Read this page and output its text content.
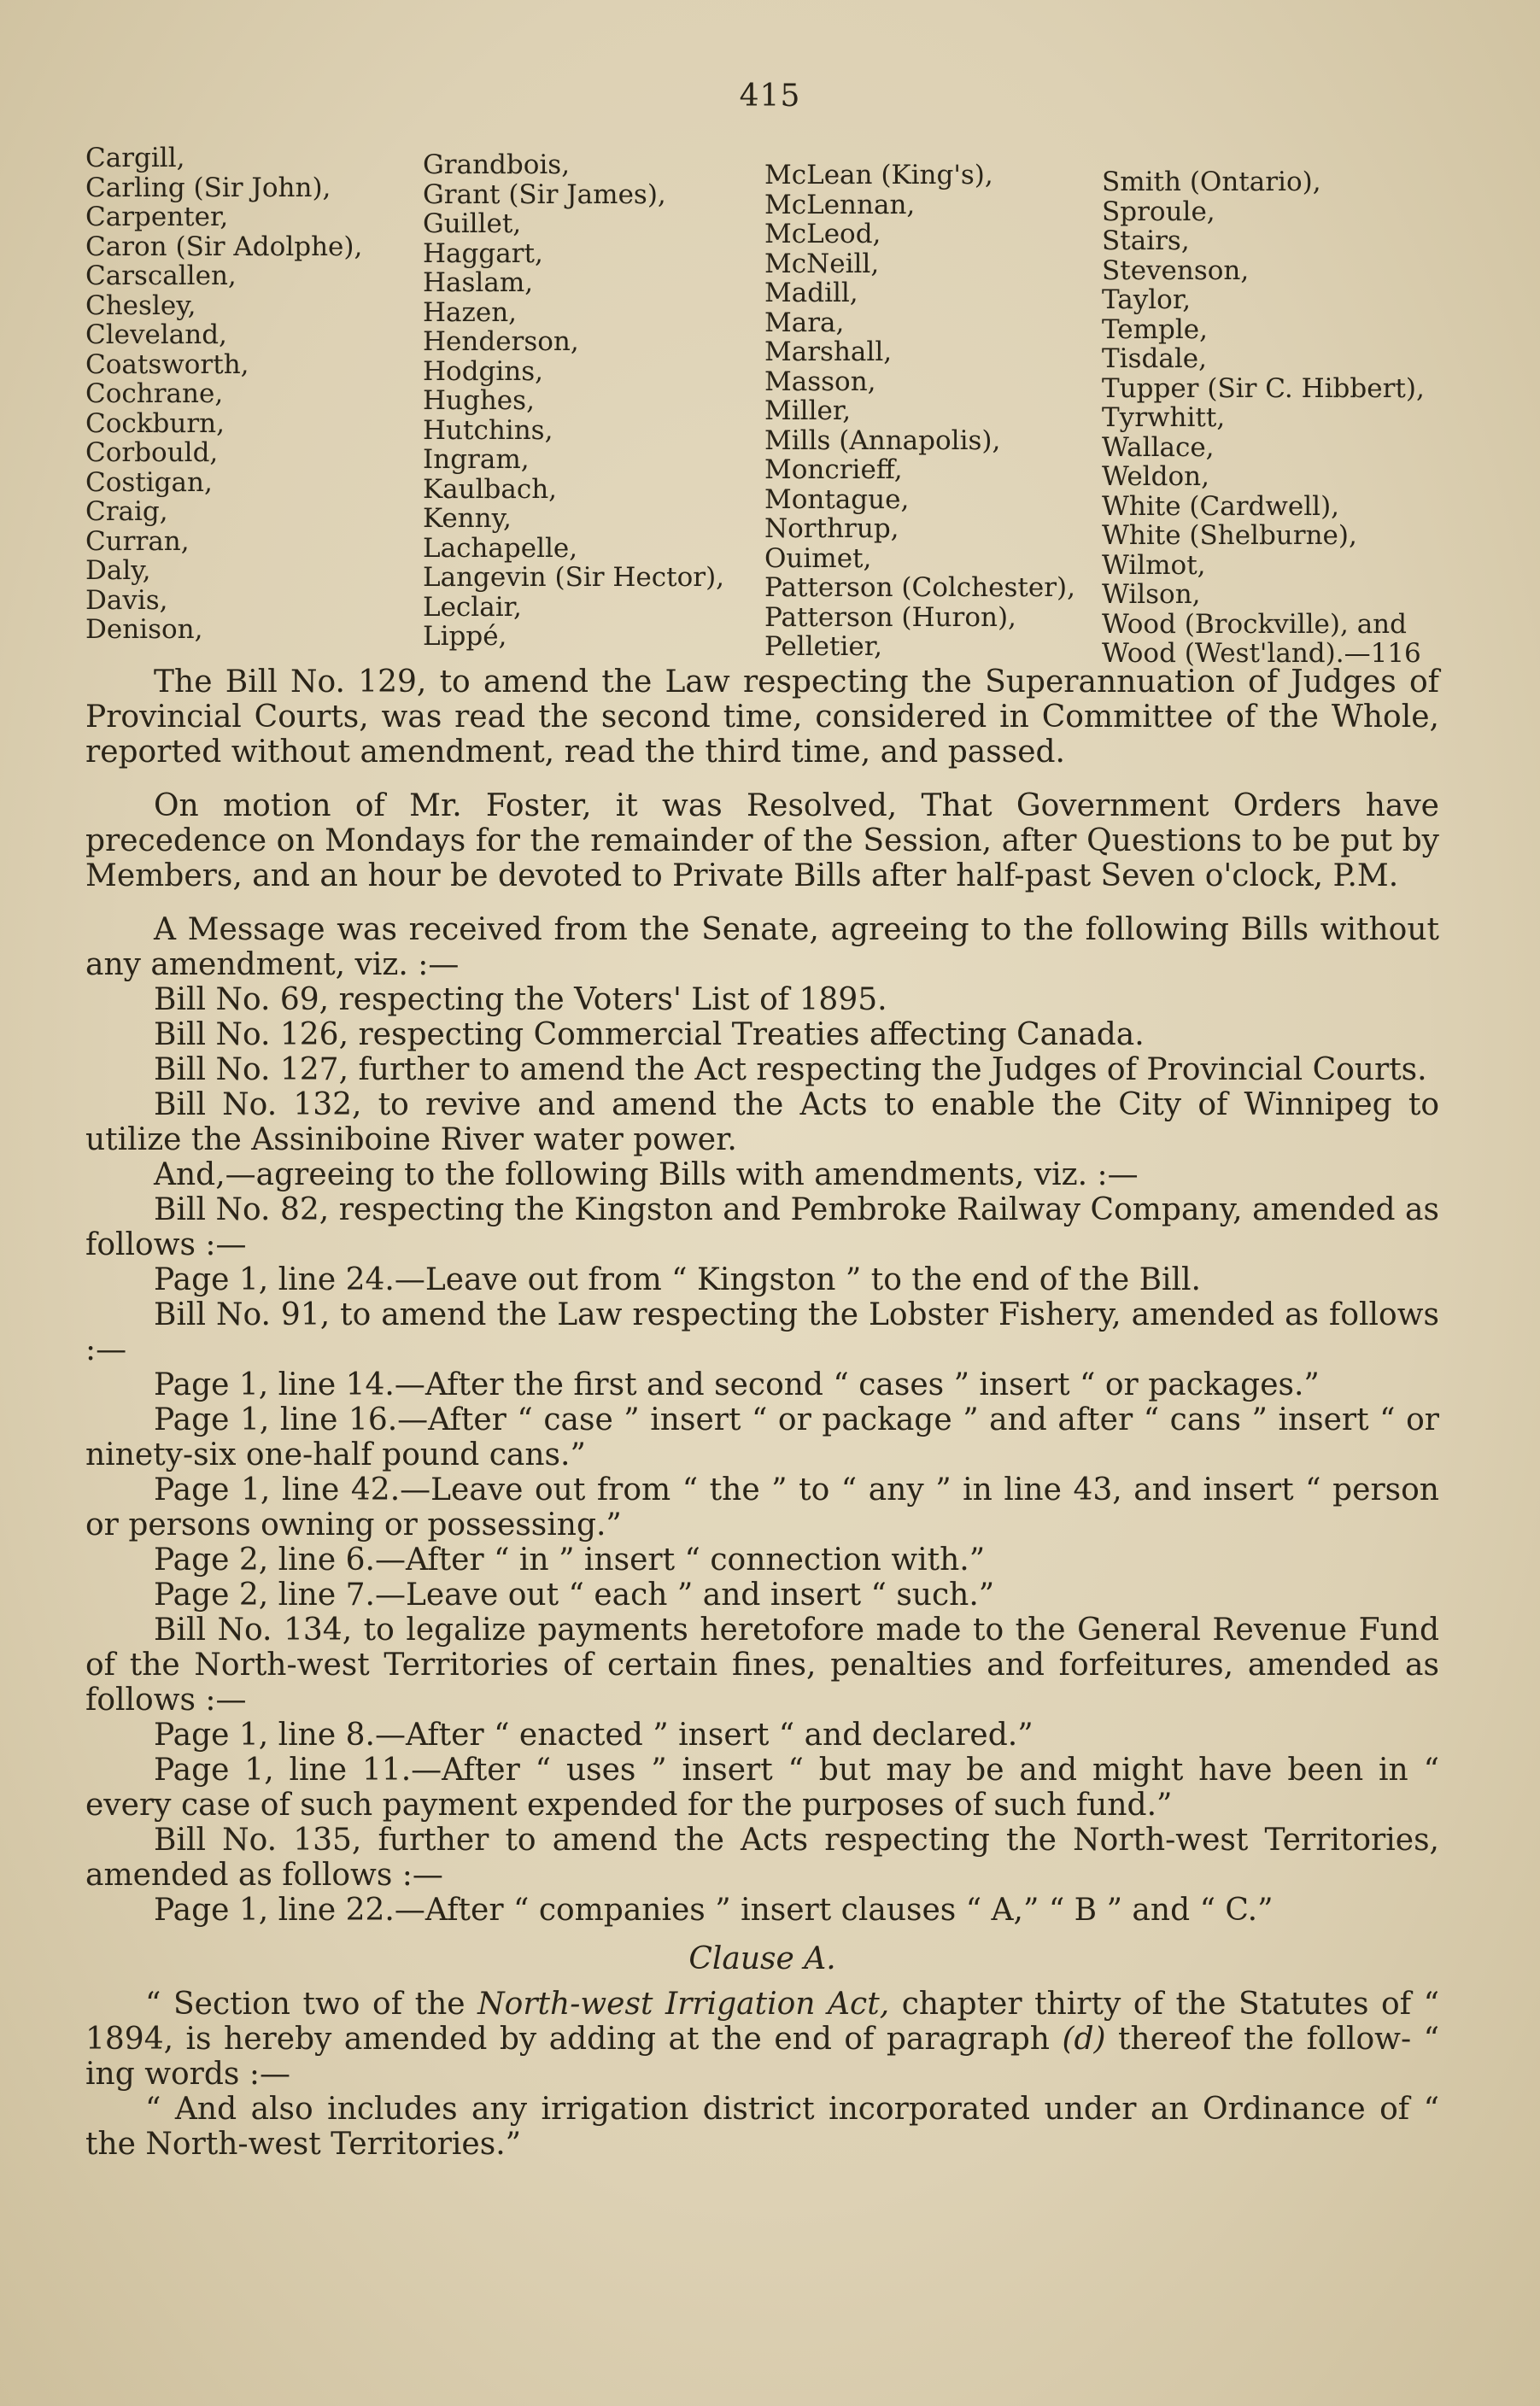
415
Cargill,
Carling (Sir John),
Carpenter,
Caron (Sir Adolphe),
Carscallen,
Chesley,
Cleveland,
Coatsworth,
Cochrane,
Cockburn,
Corbould,
Costigan,
Craig,
Curran,
Daly,
Davis,
Denison,
Grandbois,
Grant (Sir James),
Guillet,
Haggart,
Haslam,
Hazen,
Henderson,
Hodgins,
Hughes,
Hutchins,
Ingram,
Kaulbach,
Kenny,
Lachapelle,
Langevin (Sir Hector),
Leclair,
Lippé,
McLean (King's),
McLennan,
McLeod,
McNeill,
Madill,
Mara,
Marshall,
Masson,
Miller,
Mills (Annapolis),
Moncrieff,
Montague,
Northrup,
Ouimet,
Patterson (Colchester),
Patterson (Huron),
Pelletier,
Smith (Ontario),
Sproule,
Stairs,
Stevenson,
Taylor,
Temple,
Tisdale,
Tupper (Sir C. Hibbert),
Tyrwhitt,
Wallace,
Weldon,
White (Cardwell),
White (Shelburne),
Wilmot,
Wilson,
Wood (Brockville), and
Wood (West'land).—116

The Bill No. 129, to amend the Law respecting the Superannuation of Judges of Provincial Courts, was read the second time, considered in Committee of the Whole, reported without amendment, read the third time, and passed.

On motion of Mr. Foster, it was Resolved, That Government Orders have precedence on Mondays for the remainder of the Session, after Questions to be put by Members, and an hour be devoted to Private Bills after half-past Seven o'clock, P.M.

A Message was received from the Senate, agreeing to the following Bills without any amendment, viz. :—

Bill No. 69, respecting the Voters' List of 1895.

Bill No. 126, respecting Commercial Treaties affecting Canada.

Bill No. 127, further to amend the Act respecting the Judges of Provincial Courts.

Bill No. 132, to revive and amend the Acts to enable the City of Winnipeg to utilize the Assiniboine River water power.

And,—agreeing to the following Bills with amendments, viz. :—

Bill No. 82, respecting the Kingston and Pembroke Railway Company, amended as follows :—

Page 1, line 24.—Leave out from “ Kingston ” to the end of the Bill.

Bill No. 91, to amend the Law respecting the Lobster Fishery, amended as follows :—

Page 1, line 14.—After the first and second “ cases ” insert “ or packages.”

Page 1, line 16.—After “ case ” insert “ or package ” and after “ cans ” insert “ or ninety-six one-half pound cans.”

Page 1, line 42.—Leave out from “ the ” to “ any ” in line 43, and insert “ person or persons owning or possessing.”

Page 2, line 6.—After “ in ” insert “ connection with.”

Page 2, line 7.—Leave out “ each ” and insert “ such.”

Bill No. 134, to legalize payments heretofore made to the General Revenue Fund of the North-west Territories of certain fines, penalties and forfeitures, amended as follows :—

Page 1, line 8.—After “ enacted ” insert “ and declared.”

Page 1, line 11.—After “ uses ” insert “ but may be and might have been in “ every case of such payment expended for the purposes of such fund.”

Bill No. 135, further to amend the Acts respecting the North-west Territories, amended as follows :—

Page 1, line 22.—After “ companies ” insert clauses “ A,” “ B ” and “ C.”

Clause A.

“ Section two of the North-west Irrigation Act, chapter thirty of the Statutes of “ 1894, is hereby amended by adding at the end of paragraph (d) thereof the follow- “ ing words :—

“ And also includes any irrigation district incorporated under an Ordinance of “ the North-west Territories.”
